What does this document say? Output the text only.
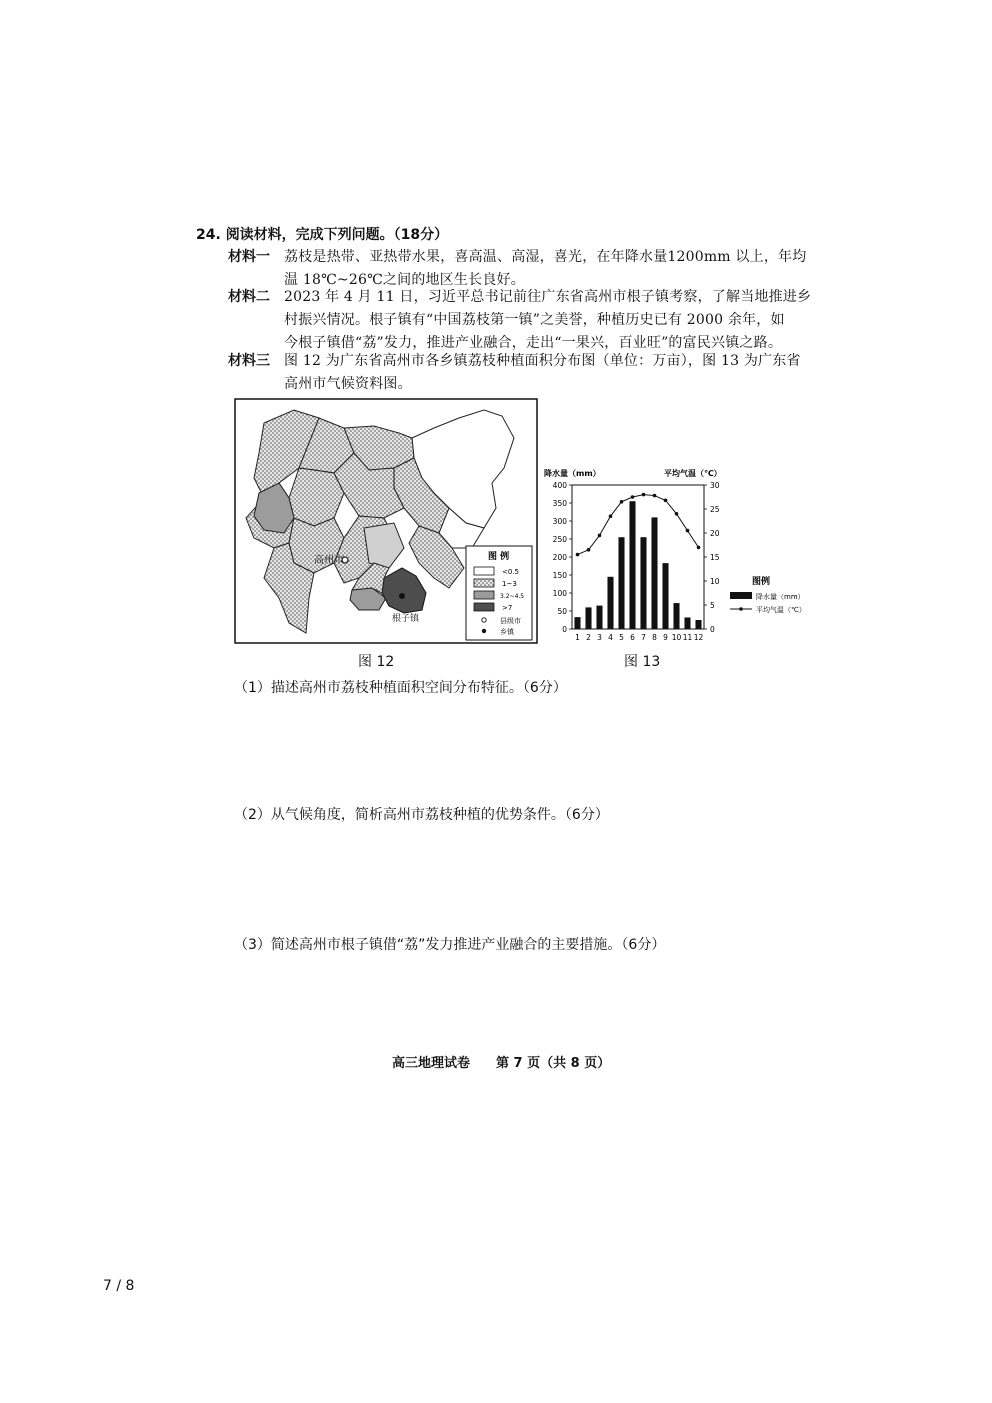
24. 阅读材料，完成下列问题。（18分）
材料一	荔枝是热带、亚热带水果，喜高温、高湿，喜光，在年降水量1200mm 以上，年均
温 18℃~26℃之间的地区生长良好。
材料二	2023 年 4 月 11 日，习近平总书记前往广东省高州市根子镇考察，了解当地推进乡
村振兴情况。根子镇有“中国荔枝第一镇”之美誉，种植历史已有 2000 余年，如
今根子镇借“荔”发力，推进产业融合，走出“一果兴，百业旺”的富民兴镇之路。
材料三	图 12 为广东省高州市各乡镇荔枝种植面积分布图（单位：万亩），图 13 为广东省
高州市气候资料图。
高州市
根子镇
图 例
<0.5
1~3
3.2~4.5
>7
县级市
乡镇
图 12
降水量（mm）	平均气温（℃）
0
50
100
150
200
250
300
350
400
0
5
10
15
20
25
30
1 2 3 4 5 6 7 8 9 10 11 12
图例
降水量（mm）
平均气温（℃）
图 13
（1）描述高州市荔枝种植面积空间分布特征。（6分）
（2）从气候角度，简析高州市荔枝种植的优势条件。（6分）
（3）简述高州市根子镇借“荔”发力推进产业融合的主要措施。（6分）
高三地理试卷　　第 7 页（共 8 页）
7 / 8
